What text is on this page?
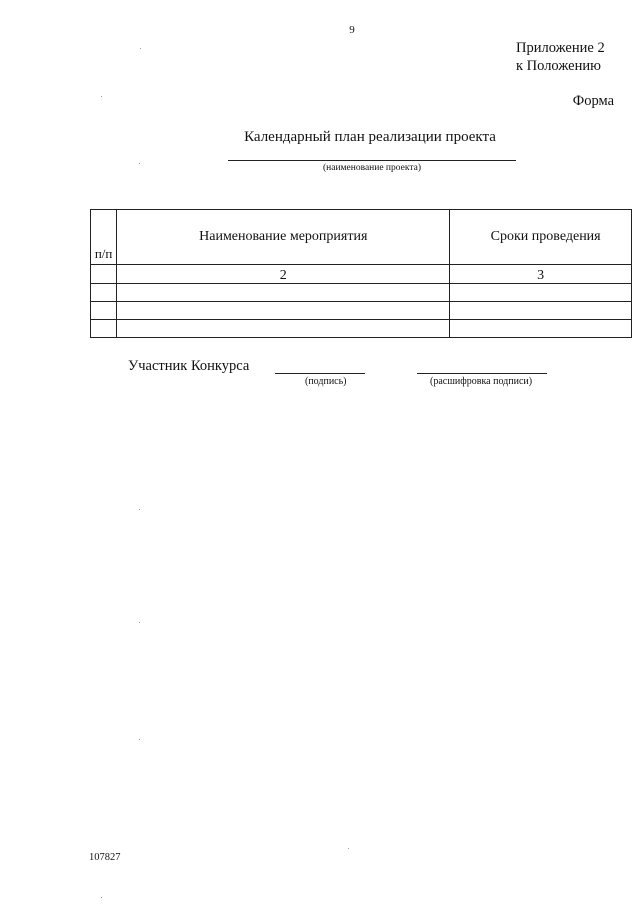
9
Приложение 2
к Положению
Форма
Календарный план реализации проекта
(наименование проекта)
п/п	Наименование мероприятия	Сроки проведения
	2	3

Участник Конкурса
(подпись)	(расшифровка подписи)
107827
